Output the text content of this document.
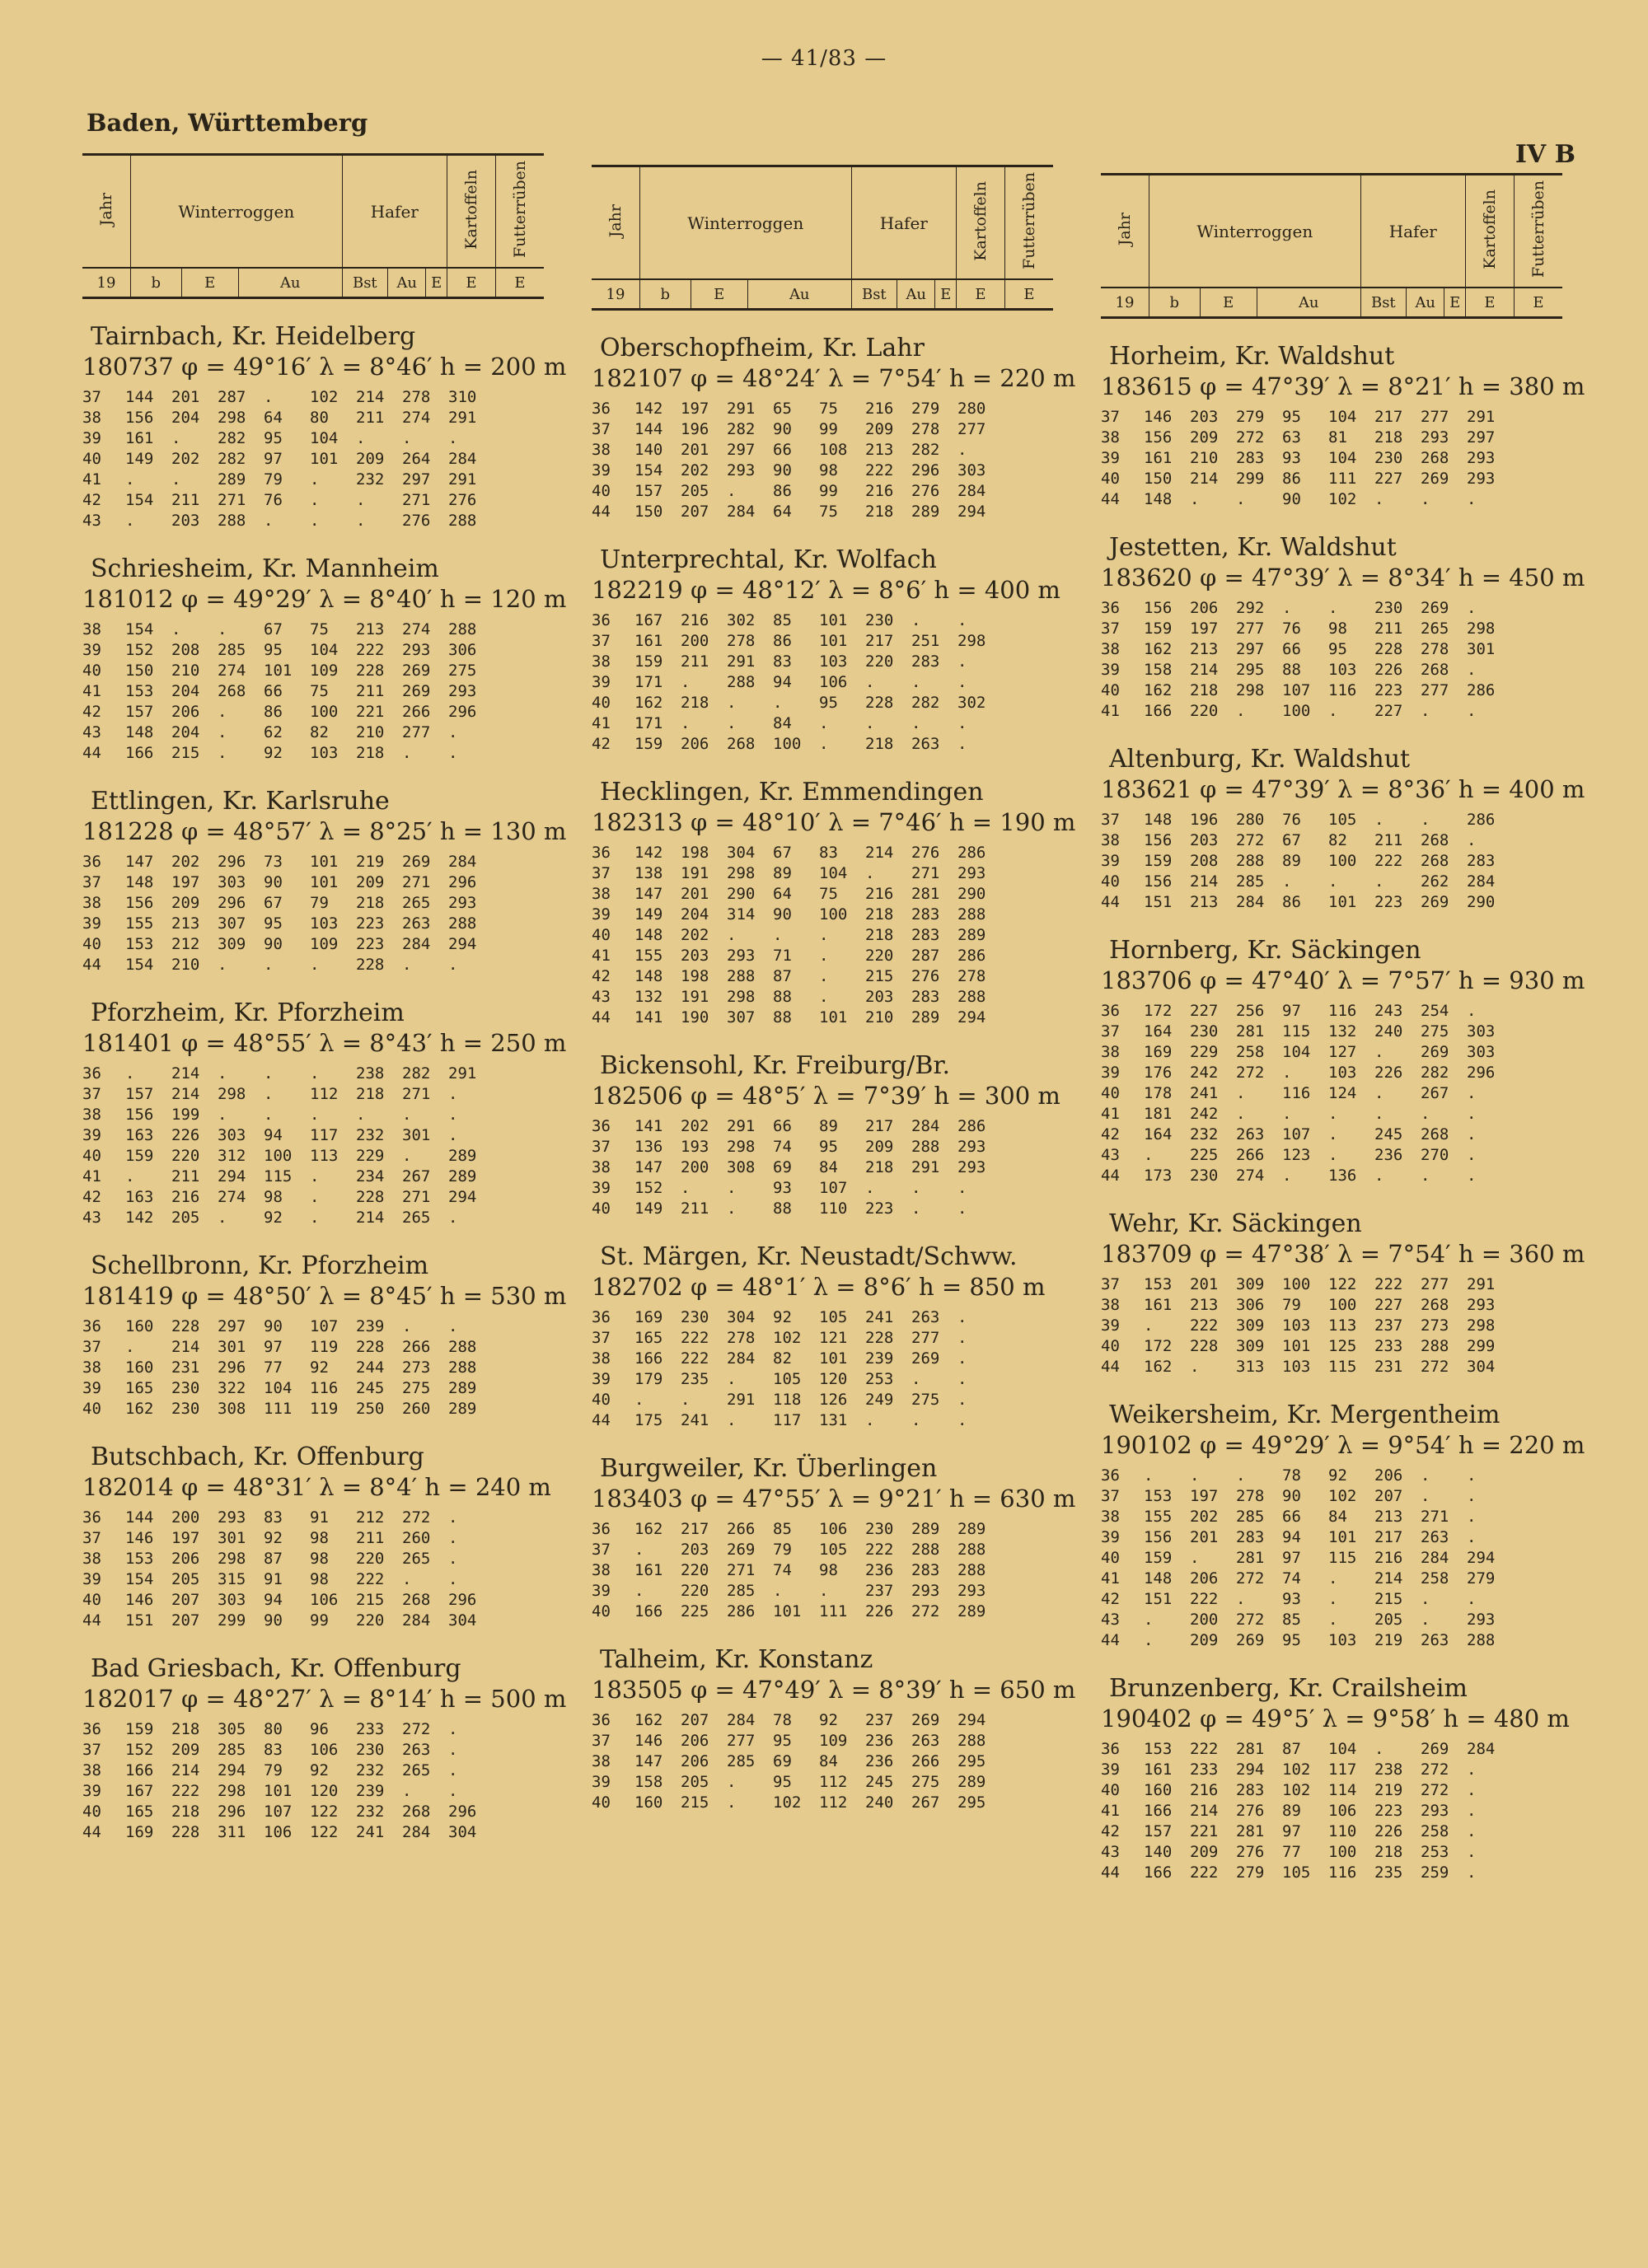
— 41/83 —
Baden, Württemberg
IV B
Jahr	Winterroggen			Hafer			Kartoffeln	Futterrüben
19	b	E	Au	Bst	Au	E	E	E
Tairnbach, Kr. Heidelberg
180737 φ = 49°16′ λ = 8°46′ h = 200 m
37	144	201	287	.	102	214	278	310
38	156	204	298	64	80	211	274	291
39	161	.	282	95	104	.	.	.
40	149	202	282	97	101	209	264	284
41	.	.	289	79	.	232	297	291
42	154	211	271	76	.	.	271	276
43	.	203	288	.	.	.	276	288
Schriesheim, Kr. Mannheim
181012 φ = 49°29′ λ = 8°40′ h = 120 m
38	154	.	.	67	75	213	274	288
39	152	208	285	95	104	222	293	306
40	150	210	274	101	109	228	269	275
41	153	204	268	66	75	211	269	293
42	157	206	.	86	100	221	266	296
43	148	204	.	62	82	210	277	.
44	166	215	.	92	103	218	.	.
Ettlingen, Kr. Karlsruhe
181228 φ = 48°57′ λ = 8°25′ h = 130 m
36	147	202	296	73	101	219	269	284
37	148	197	303	90	101	209	271	296
38	156	209	296	67	79	218	265	293
39	155	213	307	95	103	223	263	288
40	153	212	309	90	109	223	284	294
44	154	210	.	.	.	228	.	.
Pforzheim, Kr. Pforzheim
181401 φ = 48°55′ λ = 8°43′ h = 250 m
36	.	214	.	.	.	238	282	291
37	157	214	298	.	112	218	271	.
38	156	199	.	.	.	.	.	.
39	163	226	303	94	117	232	301	.
40	159	220	312	100	113	229	.	289
41	.	211	294	115	.	234	267	289
42	163	216	274	98	.	228	271	294
43	142	205	.	92	.	214	265	.
Schellbronn, Kr. Pforzheim
181419 φ = 48°50′ λ = 8°45′ h = 530 m
36	160	228	297	90	107	239	.	.
37	.	214	301	97	119	228	266	288
38	160	231	296	77	92	244	273	288
39	165	230	322	104	116	245	275	289
40	162	230	308	111	119	250	260	289
Butschbach, Kr. Offenburg
182014 φ = 48°31′ λ = 8°4′ h = 240 m
36	144	200	293	83	91	212	272	.
37	146	197	301	92	98	211	260	.
38	153	206	298	87	98	220	265	.
39	154	205	315	91	98	222	.	.
40	146	207	303	94	106	215	268	296
44	151	207	299	90	99	220	284	304
Bad Griesbach, Kr. Offenburg
182017 φ = 48°27′ λ = 8°14′ h = 500 m
36	159	218	305	80	96	233	272	.
37	152	209	285	83	106	230	263	.
38	166	214	294	79	92	232	265	.
39	167	222	298	101	120	239	.	.
40	165	218	296	107	122	232	268	296
44	169	228	311	106	122	241	284	304
Jahr	Winterroggen			Hafer			Kartoffeln	Futterrüben
19	b	E	Au	Bst	Au	E	E	E
Oberschopfheim, Kr. Lahr
182107 φ = 48°24′ λ = 7°54′ h = 220 m
36	142	197	291	65	75	216	279	280
37	144	196	282	90	99	209	278	277
38	140	201	297	66	108	213	282	.
39	154	202	293	90	98	222	296	303
40	157	205	.	86	99	216	276	284
44	150	207	284	64	75	218	289	294
Unterprechtal, Kr. Wolfach
182219 φ = 48°12′ λ = 8°6′ h = 400 m
36	167	216	302	85	101	230	.	.
37	161	200	278	86	101	217	251	298
38	159	211	291	83	103	220	283	.
39	171	.	288	94	106	.	.	.
40	162	218	.	.	95	228	282	302
41	171	.	.	84	.	.	.	.
42	159	206	268	100	.	218	263	.
Hecklingen, Kr. Emmendingen
182313 φ = 48°10′ λ = 7°46′ h = 190 m
36	142	198	304	67	83	214	276	286
37	138	191	298	89	104	.	271	293
38	147	201	290	64	75	216	281	290
39	149	204	314	90	100	218	283	288
40	148	202	.	.	.	218	283	289
41	155	203	293	71	.	220	287	286
42	148	198	288	87	.	215	276	278
43	132	191	298	88	.	203	283	288
44	141	190	307	88	101	210	289	294
Bickensohl, Kr. Freiburg/Br.
182506 φ = 48°5′ λ = 7°39′ h = 300 m
36	141	202	291	66	89	217	284	286
37	136	193	298	74	95	209	288	293
38	147	200	308	69	84	218	291	293
39	152	.	.	93	107	.	.	.
40	149	211	.	88	110	223	.	.
St. Märgen, Kr. Neustadt/Schww.
182702 φ = 48°1′ λ = 8°6′ h = 850 m
36	169	230	304	92	105	241	263	.
37	165	222	278	102	121	228	277	.
38	166	222	284	82	101	239	269	.
39	179	235	.	105	120	253	.	.
40	.	.	291	118	126	249	275	.
44	175	241	.	117	131	.	.	.
Burgweiler, Kr. Überlingen
183403 φ = 47°55′ λ = 9°21′ h = 630 m
36	162	217	266	85	106	230	289	289
37	.	203	269	79	105	222	288	288
38	161	220	271	74	98	236	283	288
39	.	220	285	.	.	237	293	293
40	166	225	286	101	111	226	272	289
Talheim, Kr. Konstanz
183505 φ = 47°49′ λ = 8°39′ h = 650 m
36	162	207	284	78	92	237	269	294
37	146	206	277	95	109	236	263	288
38	147	206	285	69	84	236	266	295
39	158	205	.	95	112	245	275	289
40	160	215	.	102	112	240	267	295
Jahr	Winterroggen			Hafer			Kartoffeln	Futterrüben
19	b	E	Au	Bst	Au	E	E	E
Horheim, Kr. Waldshut
183615 φ = 47°39′ λ = 8°21′ h = 380 m
37	146	203	279	95	104	217	277	291
38	156	209	272	63	81	218	293	297
39	161	210	283	93	104	230	268	293
40	150	214	299	86	111	227	269	293
44	148	.	.	90	102	.	.	.
Jestetten, Kr. Waldshut
183620 φ = 47°39′ λ = 8°34′ h = 450 m
36	156	206	292	.	.	230	269	.
37	159	197	277	76	98	211	265	298
38	162	213	297	66	95	228	278	301
39	158	214	295	88	103	226	268	.
40	162	218	298	107	116	223	277	286
41	166	220	.	100	.	227	.	.
Altenburg, Kr. Waldshut
183621 φ = 47°39′ λ = 8°36′ h = 400 m
37	148	196	280	76	105	.	.	286
38	156	203	272	67	82	211	268	.
39	159	208	288	89	100	222	268	283
40	156	214	285	.	.	.	262	284
44	151	213	284	86	101	223	269	290
Hornberg, Kr. Säckingen
183706 φ = 47°40′ λ = 7°57′ h = 930 m
36	172	227	256	97	116	243	254	.
37	164	230	281	115	132	240	275	303
38	169	229	258	104	127	.	269	303
39	176	242	272	.	103	226	282	296
40	178	241	.	116	124	.	267	.
41	181	242	.	.	.	.	.	.
42	164	232	263	107	.	245	268	.
43	.	225	266	123	.	236	270	.
44	173	230	274	.	136	.	.	.
Wehr, Kr. Säckingen
183709 φ = 47°38′ λ = 7°54′ h = 360 m
37	153	201	309	100	122	222	277	291
38	161	213	306	79	100	227	268	293
39	.	222	309	103	113	237	273	298
40	172	228	309	101	125	233	288	299
44	162	.	313	103	115	231	272	304
Weikersheim, Kr. Mergentheim
190102 φ = 49°29′ λ = 9°54′ h = 220 m
36	.	.	.	78	92	206	.	.
37	153	197	278	90	102	207	.	.
38	155	202	285	66	84	213	271	.
39	156	201	283	94	101	217	263	.
40	159	.	281	97	115	216	284	294
41	148	206	272	74	.	214	258	279
42	151	222	.	93	.	215	.	.
43	.	200	272	85	.	205	.	293
44	.	209	269	95	103	219	263	288
Brunzenberg, Kr. Crailsheim
190402 φ = 49°5′ λ = 9°58′ h = 480 m
36	153	222	281	87	104	.	269	284
39	161	233	294	102	117	238	272	.
40	160	216	283	102	114	219	272	.
41	166	214	276	89	106	223	293	.
42	157	221	281	97	110	226	258	.
43	140	209	276	77	100	218	253	.
44	166	222	279	105	116	235	259	.
